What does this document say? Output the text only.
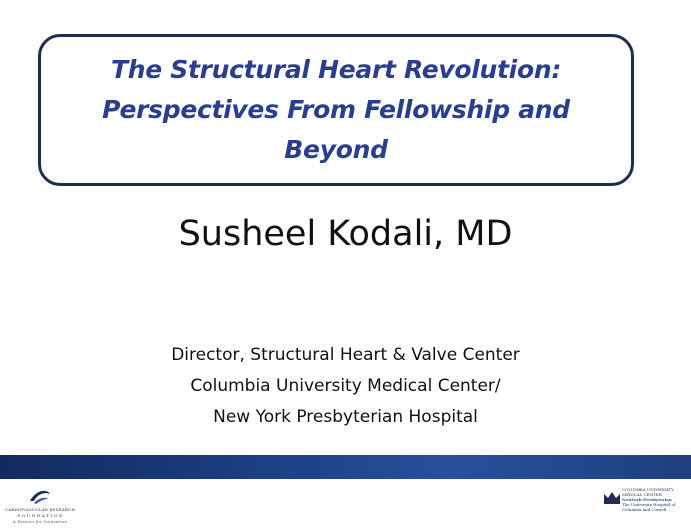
The Structural Heart Revolution:
Perspectives From Fellowship and
Beyond
Susheel Kodali, MD
Director, Structural Heart & Valve Center
Columbia University Medical Center/
New York Presbyterian Hospital
CARDIOVASCULAR RESEARCH
F O U N D A T I O N
A Passion for Innovation
COLUMBIA UNIVERSITY
MEDICAL CENTER
NewYork-Presbyterian
The University Hospital of Columbia and Cornell
